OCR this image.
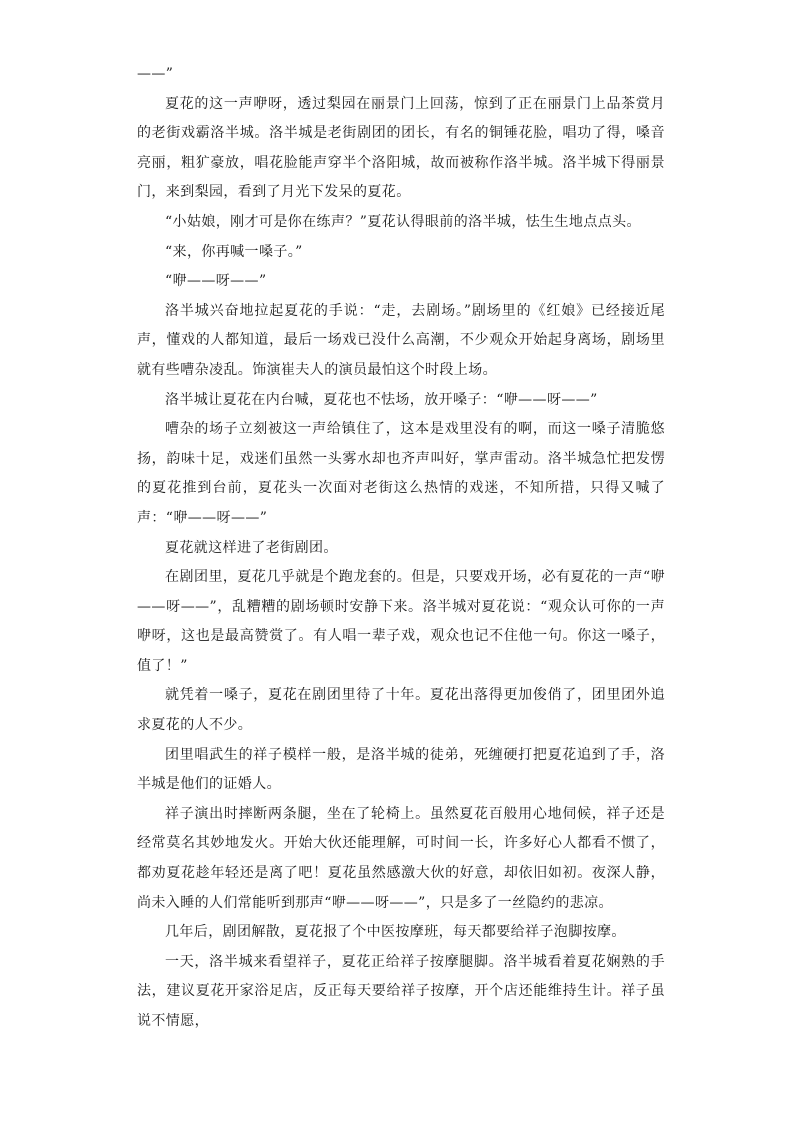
——”

夏花的这一声咿呀，透过梨园在丽景门上回荡，惊到了正在丽景门上品茶赏月的老街戏霸洛半城。洛半城是老街剧团的团长，有名的铜锤花脸，唱功了得，嗓音亮丽，粗犷豪放，唱花脸能声穿半个洛阳城，故而被称作洛半城。洛半城下得丽景门，来到梨园，看到了月光下发呆的夏花。

“小姑娘，刚才可是你在练声？”夏花认得眼前的洛半城，怯生生地点点头。

“来，你再喊一嗓子。”

“咿——呀——”

洛半城兴奋地拉起夏花的手说：“走，去剧场。”剧场里的《红娘》已经接近尾声，懂戏的人都知道，最后一场戏已没什么高潮，不少观众开始起身离场，剧场里就有些嘈杂凌乱。饰演崔夫人的演员最怕这个时段上场。

洛半城让夏花在内台喊，夏花也不怯场，放开嗓子：“咿——呀——”

嘈杂的场子立刻被这一声给镇住了，这本是戏里没有的啊，而这一嗓子清脆悠扬，韵味十足，戏迷们虽然一头雾水却也齐声叫好，掌声雷动。洛半城急忙把发愣的夏花推到台前，夏花头一次面对老街这么热情的戏迷，不知所措，只得又喊了声：“咿——呀——”

夏花就这样进了老街剧团。

在剧团里，夏花几乎就是个跑龙套的。但是，只要戏开场，必有夏花的一声“咿——呀——”，乱糟糟的剧场顿时安静下来。洛半城对夏花说：“观众认可你的一声咿呀，这也是最高赞赏了。有人唱一辈子戏，观众也记不住他一句。你这一嗓子，值了！”

就凭着一嗓子，夏花在剧团里待了十年。夏花出落得更加俊俏了，团里团外追求夏花的人不少。

团里唱武生的祥子模样一般，是洛半城的徒弟，死缠硬打把夏花追到了手，洛半城是他们的证婚人。

祥子演出时摔断两条腿，坐在了轮椅上。虽然夏花百般用心地伺候，祥子还是经常莫名其妙地发火。开始大伙还能理解，可时间一长，许多好心人都看不惯了，都劝夏花趁年轻还是离了吧！夏花虽然感激大伙的好意，却依旧如初。夜深人静，尚未入睡的人们常能听到那声“咿——呀——”，只是多了一丝隐约的悲凉。

几年后，剧团解散，夏花报了个中医按摩班，每天都要给祥子泡脚按摩。

一天，洛半城来看望祥子，夏花正给祥子按摩腿脚。洛半城看着夏花娴熟的手法，建议夏花开家浴足店，反正每天要给祥子按摩，开个店还能维持生计。祥子虽说不情愿，
